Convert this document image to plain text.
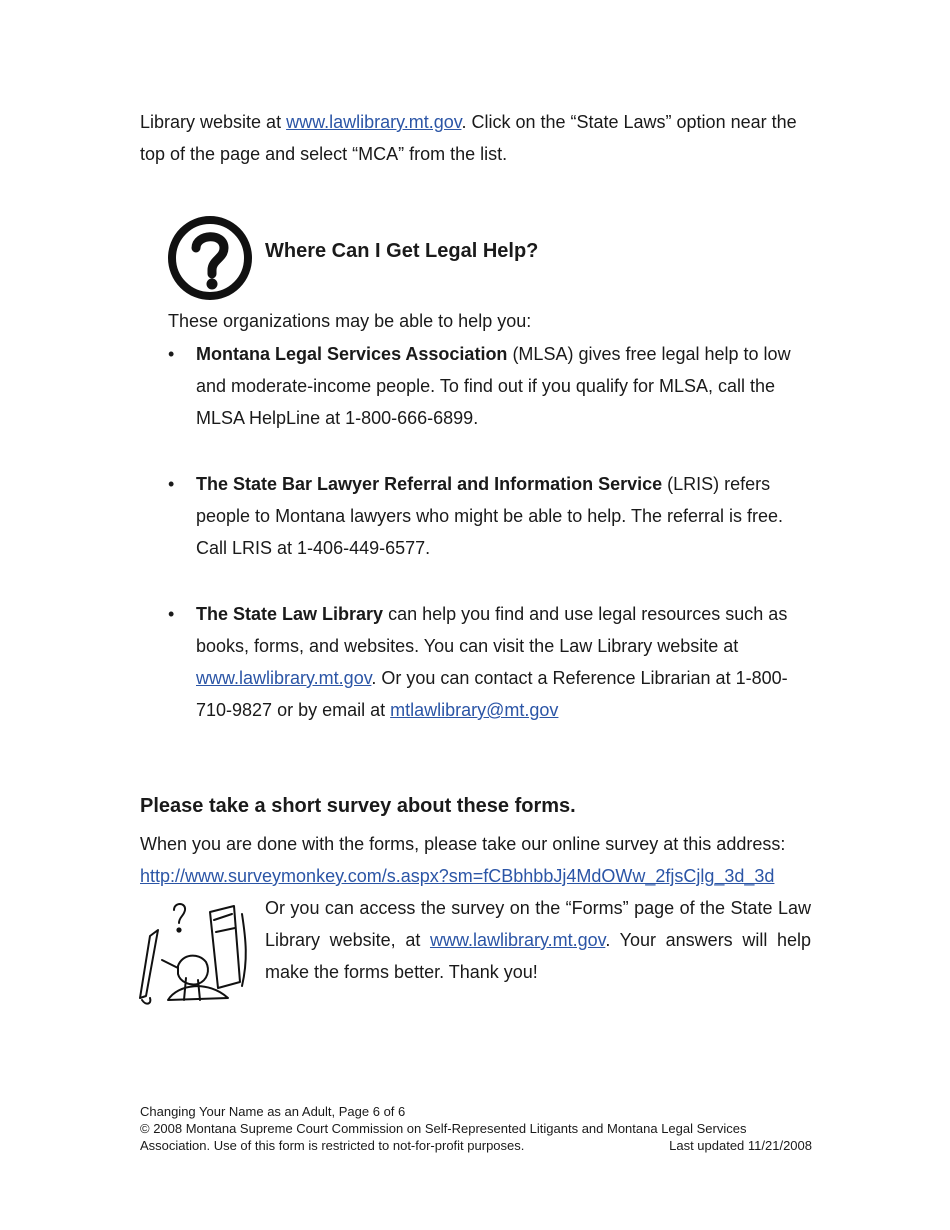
Library website at www.lawlibrary.mt.gov. Click on the “State Laws” option near the top of the page and select “MCA” from the list.

Where Can I Get Legal Help?

These organizations may be able to help you:

• Montana Legal Services Association (MLSA) gives free legal help to low and moderate-income people. To find out if you qualify for MLSA, call the MLSA HelpLine at 1-800-666-6899.
• The State Bar Lawyer Referral and Information Service (LRIS) refers people to Montana lawyers who might be able to help. The referral is free. Call LRIS at 1-406-449-6577.
• The State Law Library can help you find and use legal resources such as books, forms, and websites. You can visit the Law Library website at www.lawlibrary.mt.gov. Or you can contact a Reference Librarian at 1-800-710-9827 or by email at mtlawlibrary@mt.gov
Please take a short survey about these forms.

When you are done with the forms, please take our online survey at this address:

http://www.surveymonkey.com/s.aspx?sm=fCBbhbbJj4MdOWw_2fjsCjlg_3d_3d

Or you can access the survey on the “Forms” page of the State Law Library website, at www.lawlibrary.mt.gov. Your answers will help make the forms better. Thank you!

Changing Your Name as an Adult, Page 6 of 6
© 2008 Montana Supreme Court Commission on Self-Represented Litigants and Montana Legal Services
Association. Use of this form is restricted to not-for-profit purposes.	Last updated 11/21/2008
